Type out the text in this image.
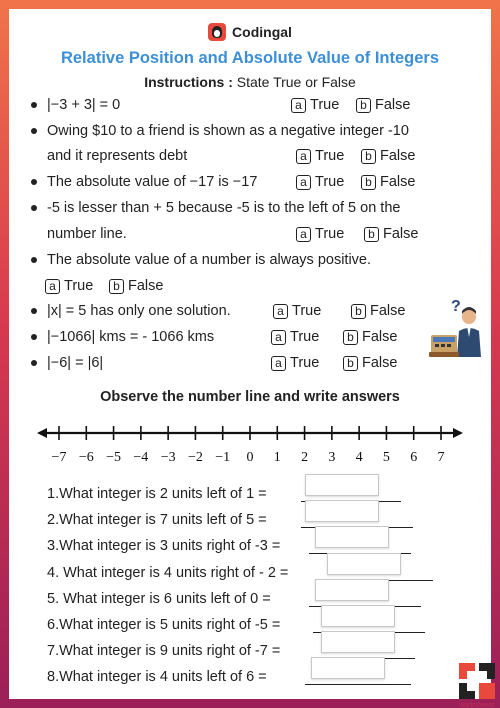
Codingal
Relative Position and Absolute Value of Integers
Instructions : State True or False
|−3 + 3| = 0	a True	b False
Owing $10 to a friend is shown as a negative integer -10
and it represents debt	a True	b False
The absolute value of −17 is −17	a True	b False
-5 is lesser than + 5 because -5 is to the left of 5 on the
number line.	a True	b False
The absolute value of a number is always positive.
a True	b False
|x| = 5 has only one solution.	a True	b False
|−1066| kms = - 1066 kms	a True	b False
|−6| = |6|	a True	b False
?
Observe the number line and write answers
−7 −6 −5 −4 −3 −2 −1 0 1 2 3 4 5 6 7
1.What integer is 2 units left of 1 =
2.What integer is 7 units left of 5 =
3.What integer is 3 units right of -3 =
4. What integer is 4 units right of - 2 =
5. What integer is 6 units left of 0 =
6.What integer is 5 units right of -5 =
7.What integer is 9 units right of -7 =
8.What integer is 4 units left of 6 =
worksheets
